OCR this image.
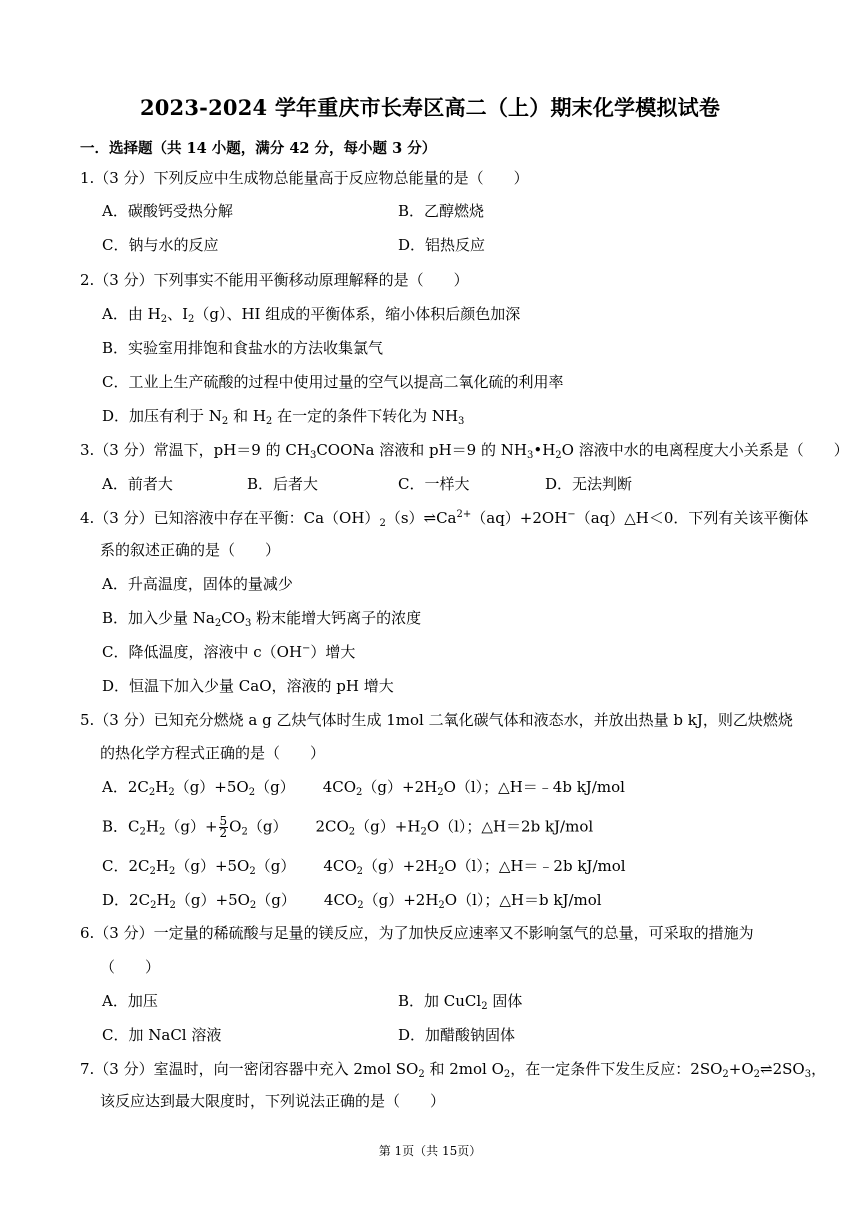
2023-2024 学年重庆市长寿区高二（上）期末化学模拟试卷
一．选择题（共 14 小题，满分 42 分，每小题 3 分）
1.（3 分）下列反应中生成物总能量高于反应物总能量的是（　　）
A．碳酸钙受热分解	B．乙醇燃烧
C．钠与水的反应	D．铝热反应
2.（3 分）下列事实不能用平衡移动原理解释的是（　　）
A．由 $H_2$、$I_2(g)$、HI 组成的平衡体系，缩小体积后颜色加深
B．实验室用排饱和食盐水的方法收集氯气
C．工业上生产硫酸的过程中使用过量的空气以提高二氧化硫的利用率
D．加压有利于 $N_2$ 和 $H_2$ 在一定的条件下转化为 $NH_3$
3.（3 分）常温下，pH＝9 的 $CH_3COONa$ 溶液和 pH＝9 的 $NH_3•H_2O$ 溶液中水的电离程度大小关系是（　　）
A．前者大	B．后者大	C．一样大	D．无法判断
4.（3 分）已知溶液中存在平衡：$Ca(OH)_2(s)\rightleftharpoons Ca^{2+}(aq)+2OH^-(aq)\triangle H<0$．下列有关该平衡体
系的叙述正确的是（　　）
A．升高温度，固体的量减少
B．加入少量 $Na_2CO_3$ 粉末能增大钙离子的浓度
C．降低温度，溶液中 c（OH−）增大
D．恒温下加入少量 CaO，溶液的 pH 增大
5.（3 分）已知充分燃烧 a g 乙炔气体时生成 1mol 二氧化碳气体和液态水，并放出热量 b kJ，则乙炔燃烧
的热化学方程式正确的是（　　）
A．$2C_2H_2(g)+5O_2(g)$ $4CO_2(g)+2H_2O(l)$；△H＝﹣4b kJ/mol
B．$C_2H_2(g)+ \frac{5}{2} O_2(g)$ $2CO_2(g)+H_2O(l)$；△H＝2b kJ/mol
C．$2C_2H_2(g)+5O_2(g)$ $4CO_2(g)+2H_2O(l)$；△H＝﹣2b kJ/mol
D．$2C_2H_2(g)+5O_2(g)$ $4CO_2(g)+2H_2O(l)$；△H＝b kJ/mol
6.（3 分）一定量的稀硫酸与足量的镁反应，为了加快反应速率又不影响氢气的总量，可采取的措施为
（　　）
A．加压	B．加 CuCl$_2$ 固体
C．加 NaCl 溶液	D．加醋酸钠固体
7.（3 分）室温时，向一密闭容器中充入 2mol $SO_2$ 和 2mol $O_2$，在一定条件下发生反应：$2SO_2+O_2\rightleftharpoons 2SO_3$，
该反应达到最大限度时，下列说法正确的是（　　）
第 1页（共 15页）
